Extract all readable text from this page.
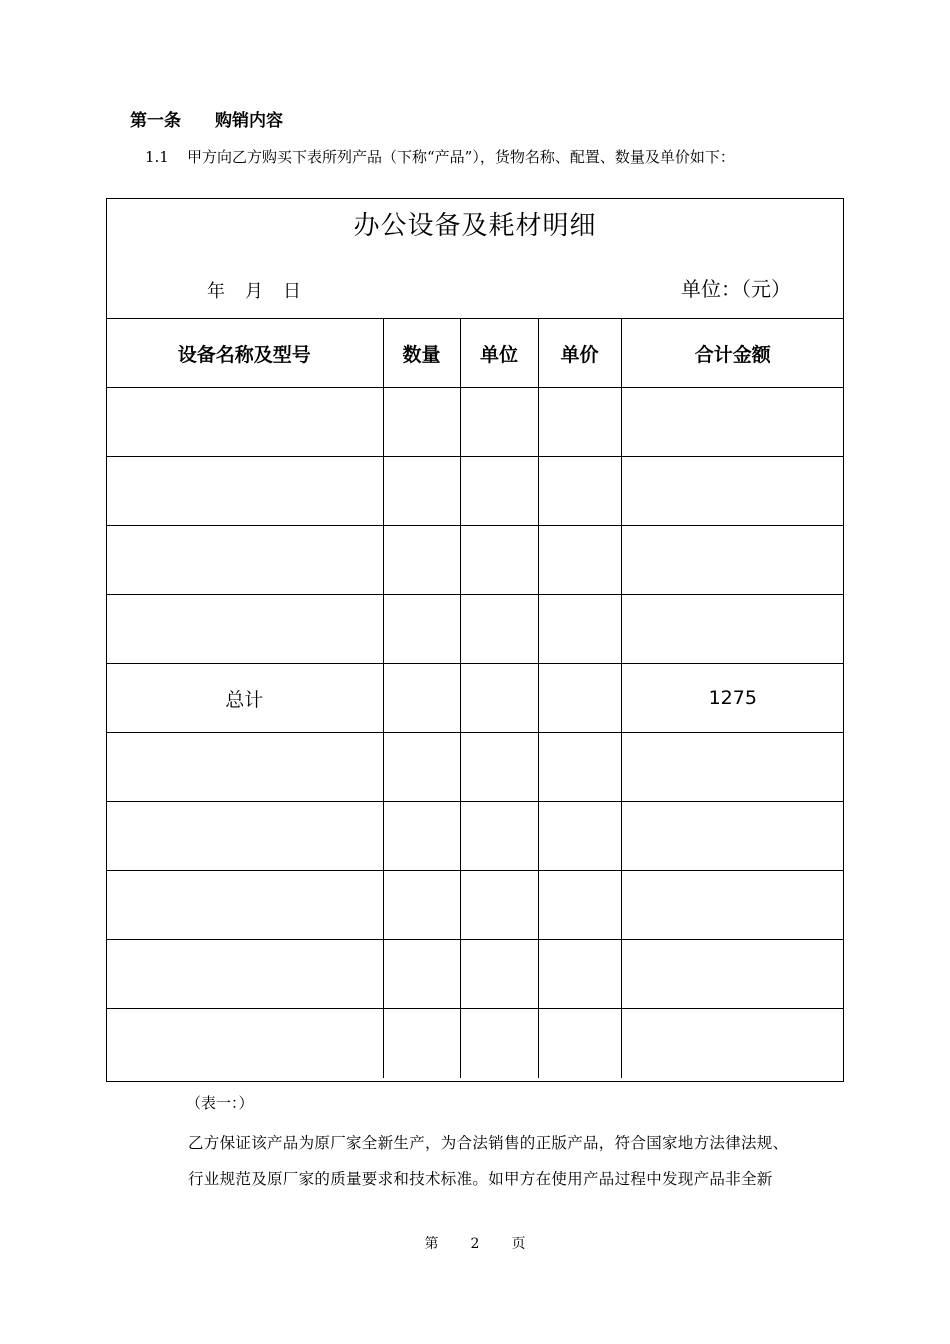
第一条 购销内容
1.1 甲方向乙方购买下表所列产品（下称“产品”），货物名称、配置、数量及单价如下：
办公设备及耗材明细
年 月 日	单位：（元）
设备名称及型号	数量	单位	单价	合计金额

总计				1275

（表一：）
乙方保证该产品为原厂家全新生产，为合法销售的正版产品，符合国家地方法律法规、
行业规范及原厂家的质量要求和技术标准。如甲方在使用产品过程中发现产品非全新
第 2 页
